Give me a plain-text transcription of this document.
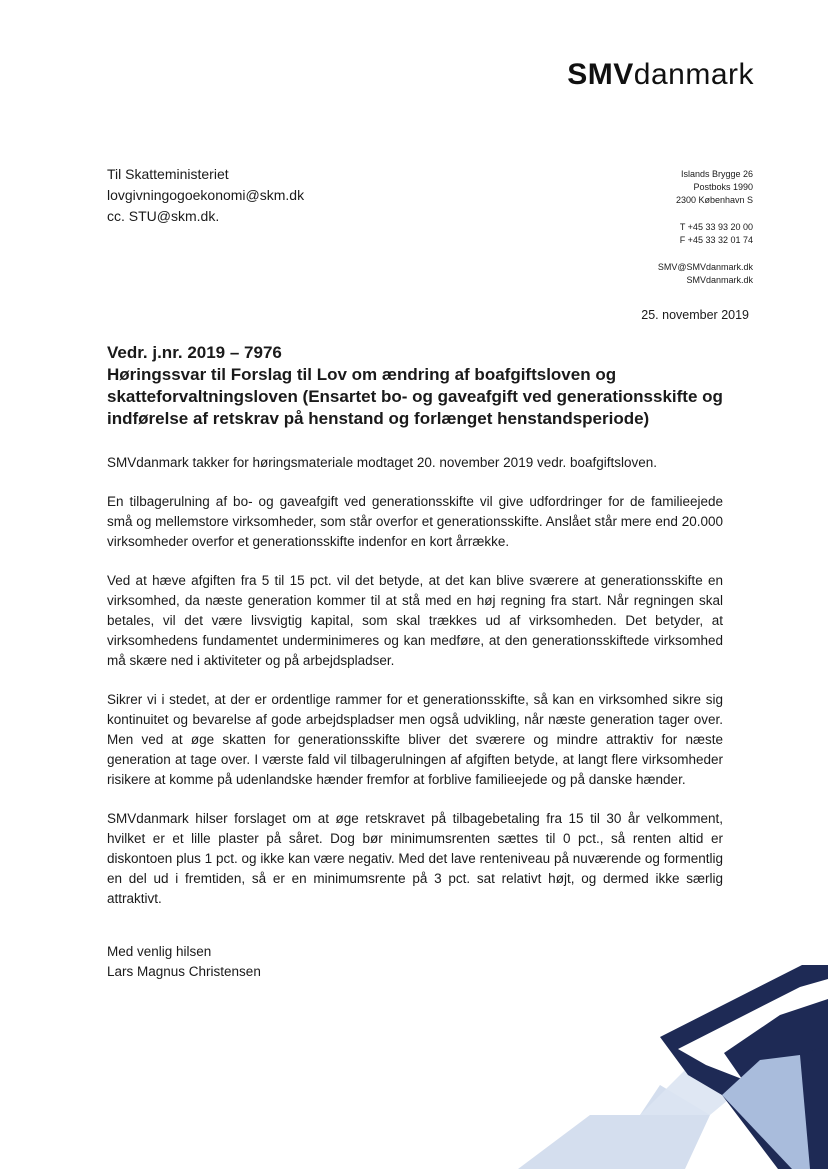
SMVdanmark
Til Skatteministeriet
lovgivningogoekonomi@skm.dk
cc. STU@skm.dk.
Islands Brygge 26
Postboks 1990
2300 København S
T +45 33 93 20 00
F +45 33 32 01 74
SMV@SMVdanmark.dk
SMVdanmark.dk
25. november 2019
Vedr. j.nr. 2019 – 7976
Høringssvar til Forslag til Lov om ændring af boafgiftsloven og skatteforvaltningsloven (Ensartet bo- og gaveafgift ved generationsskifte og indførelse af retskrav på henstand og forlænget henstandsperiode)

SMVdanmark takker for høringsmateriale modtaget 20. november 2019 vedr. boafgiftsloven.

En tilbagerulning af bo- og gaveafgift ved generationsskifte vil give udfordringer for de familieejede små og mellemstore virksomheder, som står overfor et generationsskifte. Anslået står mere end 20.000 virksomheder overfor et generationsskifte indenfor en kort årrække.

Ved at hæve afgiften fra 5 til 15 pct. vil det betyde, at det kan blive sværere at generationsskifte en virksomhed, da næste generation kommer til at stå med en høj regning fra start. Når regningen skal betales, vil det være livsvigtig kapital, som skal trækkes ud af virksomheden. Det betyder, at virksomhedens fundamentet underminimeres og kan medføre, at den generationsskiftede virksomhed må skære ned i aktiviteter og på arbejdspladser.

Sikrer vi i stedet, at der er ordentlige rammer for et generationsskifte, så kan en virksomhed sikre sig kontinuitet og bevarelse af gode arbejdspladser men også udvikling, når næste generation tager over. Men ved at øge skatten for generationsskifte bliver det sværere og mindre attraktiv for næste generation at tage over. I værste fald vil tilbagerulningen af afgiften betyde, at langt flere virksomheder risikere at komme på udenlandske hænder fremfor at forblive familieejede og på danske hænder.

SMVdanmark hilser forslaget om at øge retskravet på tilbagebetaling fra 15 til 30 år velkomment, hvilket er et lille plaster på såret. Dog bør minimumsrenten sættes til 0 pct., så renten altid er diskontoen plus 1 pct. og ikke kan være negativ. Med det lave renteniveau på nuværende og formentlig en del ud i fremtiden, så er en minimumsrente på 3 pct. sat relativt højt, og dermed ikke særlig attraktivt.

Med venlig hilsen
Lars Magnus Christensen
